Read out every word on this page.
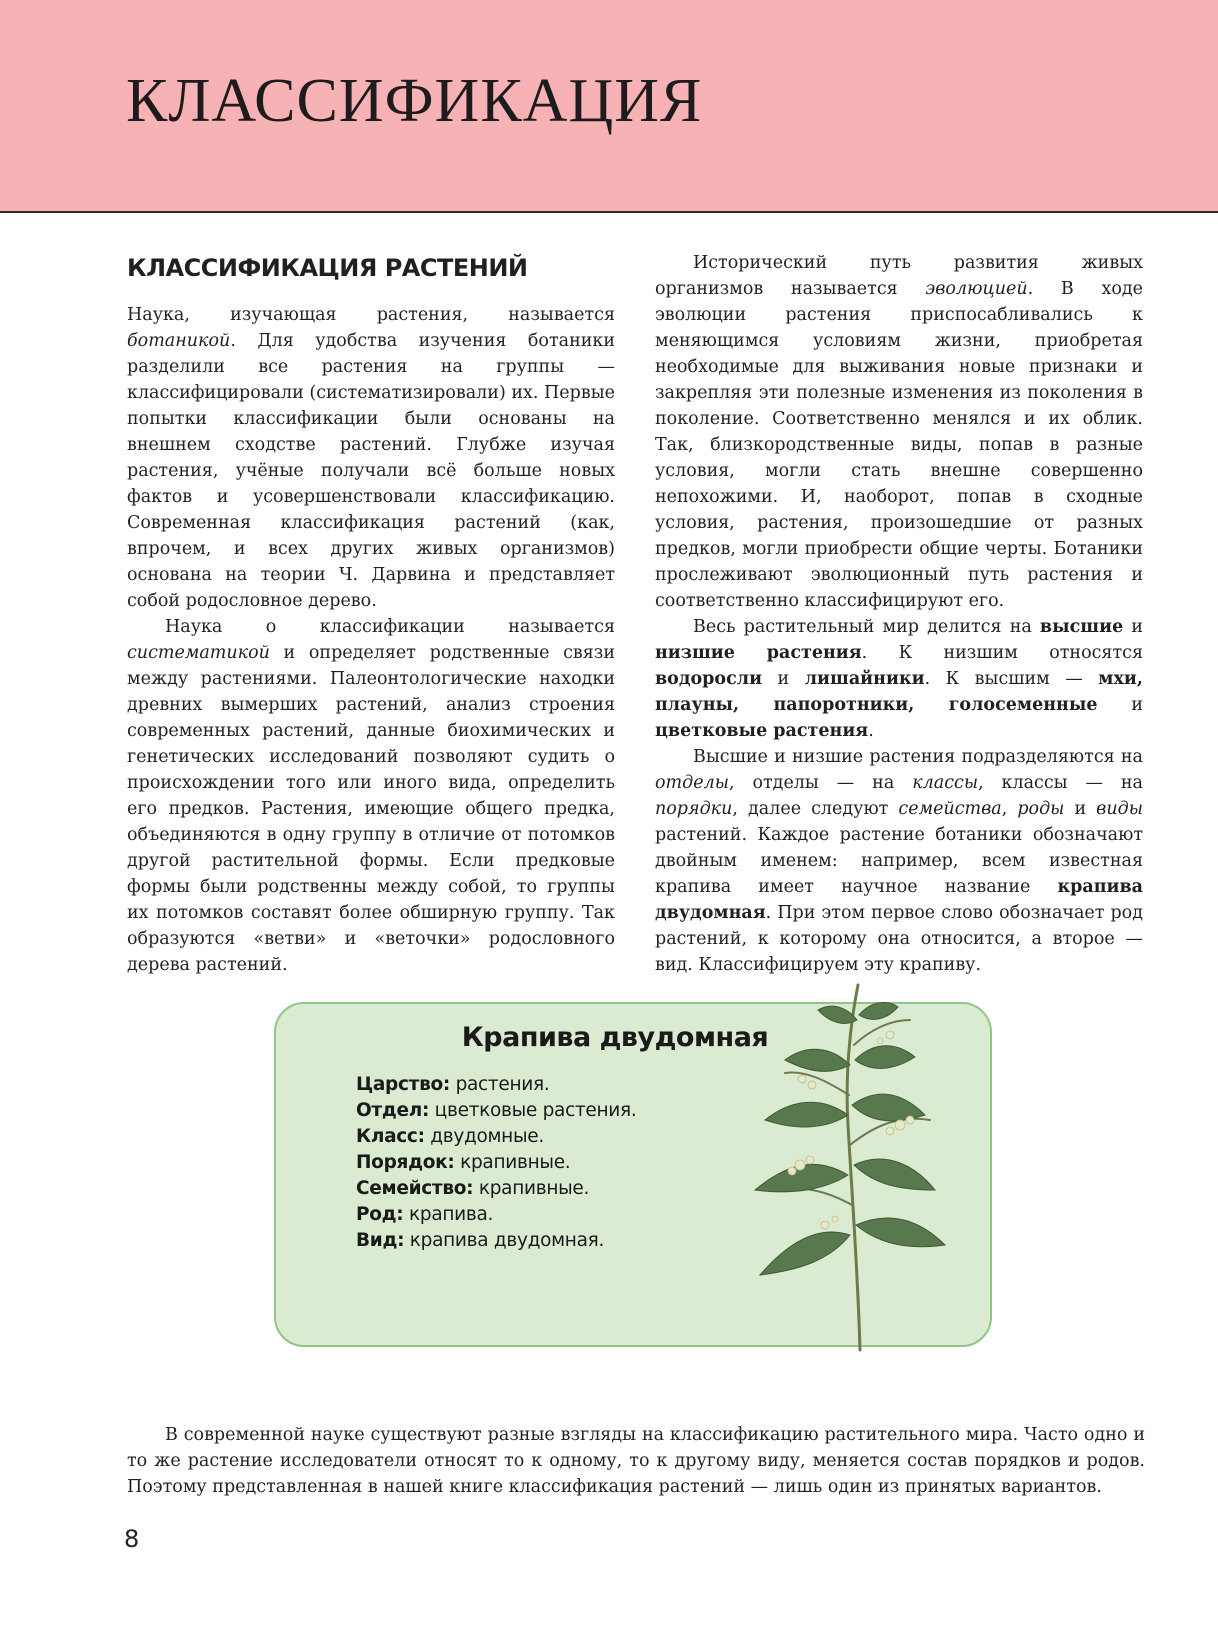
КЛАССИФИКАЦИЯ
КЛАССИФИКАЦИЯ РАСТЕНИЙ

Наука, изучающая растения, называется ботаникой. Для удобства изучения ботаники разделили все растения на группы — классифицировали (систематизировали) их. Первые попытки классификации были основаны на внешнем сходстве растений. Глубже изучая растения, учёные получали всё больше новых фактов и усовершенствовали классификацию. Современная классификация растений (как, впрочем, и всех других живых организмов) основана на теории Ч. Дарвина и представляет собой родословное дерево.

Наука о классификации называется систематикой и определяет родственные связи между растениями. Палеонтологические находки древних вымерших растений, анализ строения современных растений, данные биохимических и генетических исследований позволяют судить о происхождении того или иного вида, определить его предков. Растения, имеющие общего предка, объединяются в одну группу в отличие от потомков другой растительной формы. Если предковые формы были родственны между собой, то группы их потомков составят более обширную группу. Так образуются «ветви» и «веточки» родословного дерева растений.

Исторический путь развития живых организмов называется эволюцией. В ходе эволюции растения приспосабливались к меняющимся условиям жизни, приобретая необходимые для выживания новые признаки и закрепляя эти полезные изменения из поколения в поколение. Соответственно менялся и их облик. Так, близкородственные виды, попав в разные условия, могли стать внешне совершенно непохожими. И, наоборот, попав в сходные условия, растения, произошедшие от разных предков, могли приобрести общие черты. Ботаники прослеживают эволюционный путь растения и соответственно классифицируют его.

Весь растительный мир делится на высшие и низшие растения. К низшим относятся водоросли и лишайники. К высшим — мхи, плауны, папоротники, голосеменные и цветковые растения.

Высшие и низшие растения подразделяются на отделы, отделы — на классы, классы — на порядки, далее следуют семейства, роды и виды растений. Каждое растение ботаники обозначают двойным именем: например, всем известная крапива имеет научное название крапива двудомная. При этом первое слово обозначает род растений, к которому она относится, а второе — вид. Классифицируем эту крапиву.

Крапива двудомная
Царство: растения.
Отдел: цветковые растения.
Класс: двудомные.
Порядок: крапивные.
Семейство: крапивные.
Род: крапива.
Вид: крапива двудомная.

В современной науке существуют разные взгляды на классификацию растительного мира. Часто одно и то же растение исследователи относят то к одному, то к другому виду, меняется состав порядков и родов. Поэтому представленная в нашей книге классификация растений — лишь один из принятых вариантов.

8
